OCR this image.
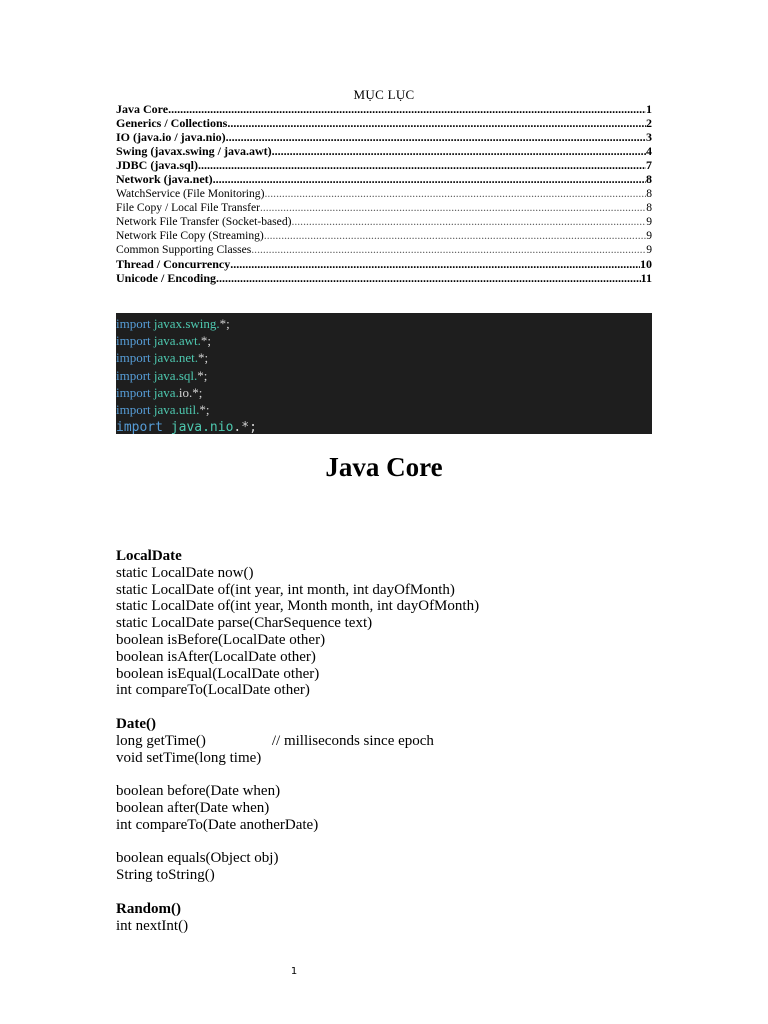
MỤC LỤC
Java Core .....	1
Generics / Collections .....	2
IO (java.io / java.nio) .....	3
Swing (javax.swing / java.awt) .....	4
JDBC (java.sql) .....	7
Network (java.net) .....	8
WatchService (File Monitoring) .....	8
File Copy / Local File Transfer .....	8
Network File Transfer (Socket-based) .....	9
Network File Copy (Streaming) .....	9
Common Supporting Classes .....	9
Thread / Concurrency .....	10
Unicode / Encoding .....	11
import javax.swing.*;
import java.awt.*;
import java.net.*;
import java.sql.*;
import java.io.*;
import java.util.*;
import java.nio.*;
Java Core
LocalDate
static LocalDate now()
static LocalDate of(int year, int month, int dayOfMonth)
static LocalDate of(int year, Month month, int dayOfMonth)
static LocalDate parse(CharSequence text)
boolean isBefore(LocalDate other)
boolean isAfter(LocalDate other)
boolean isEqual(LocalDate other)
int compareTo(LocalDate other)
Date()
long getTime()	// milliseconds since epoch
void setTime(long time)
boolean before(Date when)
boolean after(Date when)
int compareTo(Date anotherDate)
boolean equals(Object obj)
String toString()
Random()
int nextInt()
1
